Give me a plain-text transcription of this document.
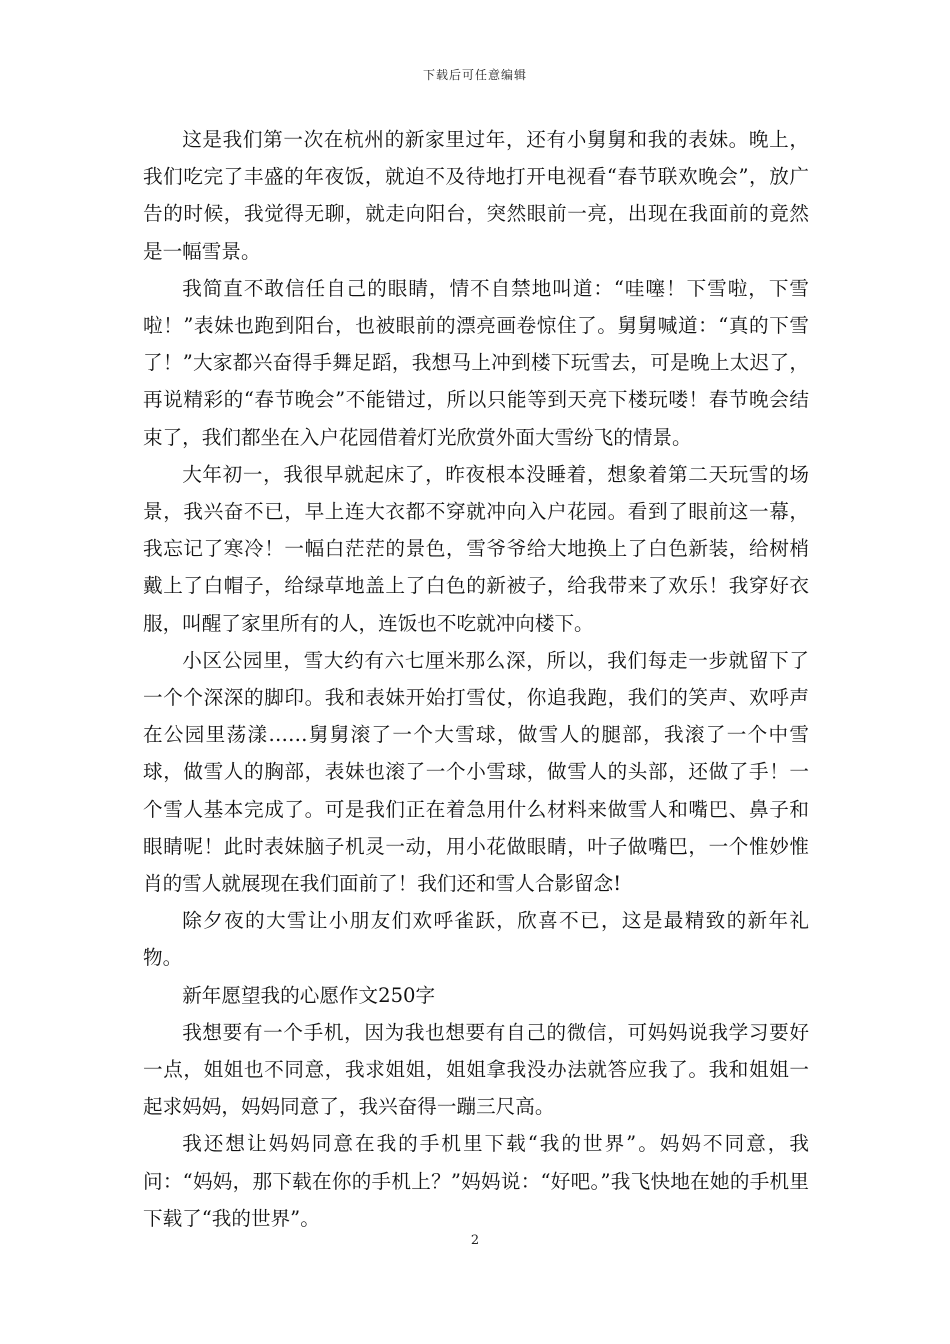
下载后可任意编辑

这是我们第一次在杭州的新家里过年，还有小舅舅和我的表妹。晚上，我们吃完了丰盛的年夜饭，就迫不及待地打开电视看“春节联欢晚会”，放广告的时候，我觉得无聊，就走向阳台，突然眼前一亮，出现在我面前的竟然是一幅雪景。

我简直不敢信任自己的眼睛，情不自禁地叫道：“哇噻！下雪啦，下雪啦！”表妹也跑到阳台，也被眼前的漂亮画卷惊住了。舅舅喊道：“真的下雪了！”大家都兴奋得手舞足蹈，我想马上冲到楼下玩雪去，可是晚上太迟了，再说精彩的“春节晚会”不能错过，所以只能等到天亮下楼玩喽！春节晚会结束了，我们都坐在入户花园借着灯光欣赏外面大雪纷飞的情景。

大年初一，我很早就起床了，昨夜根本没睡着，想象着第二天玩雪的场景，我兴奋不已，早上连大衣都不穿就冲向入户花园。看到了眼前这一幕，我忘记了寒冷！一幅白茫茫的景色，雪爷爷给大地换上了白色新装，给树梢戴上了白帽子，给绿草地盖上了白色的新被子，给我带来了欢乐！我穿好衣服，叫醒了家里所有的人，连饭也不吃就冲向楼下。

小区公园里，雪大约有六七厘米那么深，所以，我们每走一步就留下了一个个深深的脚印。我和表妹开始打雪仗，你追我跑，我们的笑声、欢呼声在公园里荡漾……舅舅滚了一个大雪球，做雪人的腿部，我滚了一个中雪球，做雪人的胸部，表妹也滚了一个小雪球，做雪人的头部，还做了手！一个雪人基本完成了。可是我们正在着急用什么材料来做雪人和嘴巴、鼻子和眼睛呢！此时表妹脑子机灵一动，用小花做眼睛，叶子做嘴巴，一个惟妙惟肖的雪人就展现在我们面前了！我们还和雪人合影留念!

除夕夜的大雪让小朋友们欢呼雀跃，欣喜不已，这是最精致的新年礼物。

新年愿望我的心愿作文250字

我想要有一个手机，因为我也想要有自己的微信，可妈妈说我学习要好一点，姐姐也不同意，我求姐姐，姐姐拿我没办法就答应我了。我和姐姐一起求妈妈，妈妈同意了，我兴奋得一蹦三尺高。

我还想让妈妈同意在我的手机里下载“我的世界”。妈妈不同意，我问：“妈妈，那下载在你的手机上？”妈妈说：“好吧。”我飞快地在她的手机里下载了“我的世界”。

2
